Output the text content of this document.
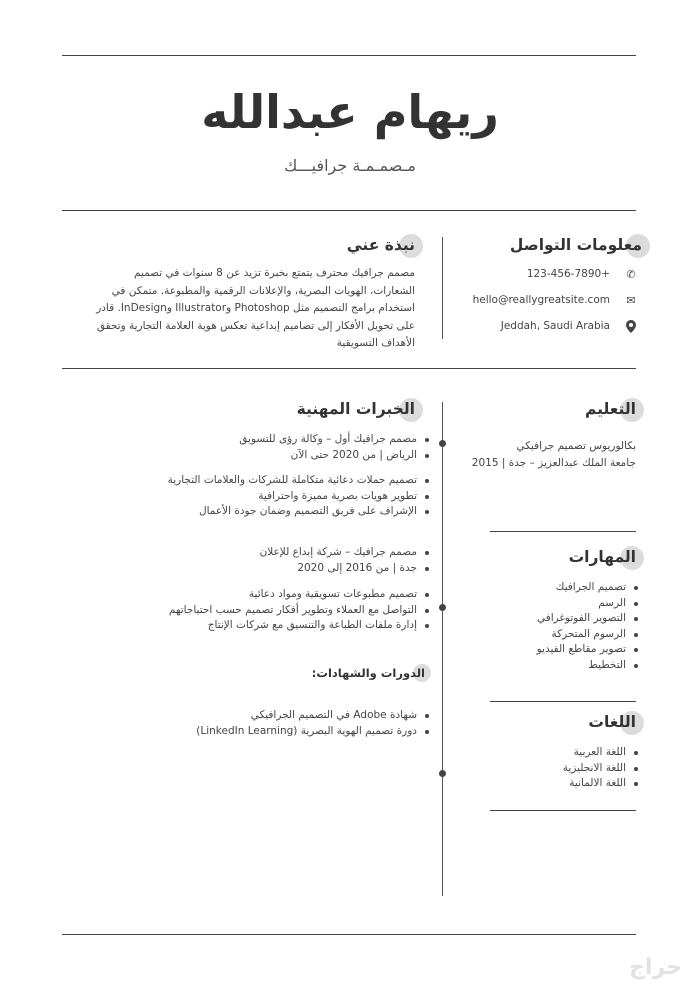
ريهام عبدالله
مـصمـمـة جرافيـــك
معلومات التواصل
✆
123-456-7890+
✉
hello@reallygreatsite.com
Jeddah, Saudi Arabia
نبذة عني
مصمم جرافيك محترف يتمتع بخبرة تزيد عن 8 سنوات في تصميم الشعارات، الهويات البصرية، والإعلانات الرقمية والمطبوعة. متمكن في استخدام برامج التصميم مثل Photoshop وIllustrator وInDesign. قادر على تحويل الأفكار إلى تصاميم إبداعية تعكس هوية العلامة التجارية وتحقق الأهداف التسويقية
التعليم
بكالوريوس تصميم جرافيكي
جامعة الملك عبدالعزيز – جدة | 2015
المهارات
تصميم الجرافيك
الرسم
التصوير الفوتوغرافي
الرسوم المتحركة
تصوير مقاطع الفيديو
التخطيط
اللغات
اللغة العربية
اللغة الانجليزية
اللغة الالمانية
الخبرات المهنية
مصمم جرافيك أول – وكالة رؤى للتسويق
الرياض | من 2020 حتى الآن
تصميم حملات دعائية متكاملة للشركات والعلامات التجارية
تطوير هويات بصرية مميزة واحترافية
الإشراف على فريق التصميم وضمان جودة الأعمال
مصمم جرافيك – شركة إبداع للإعلان
جدة | من 2016 إلى 2020
تصميم مطبوعات تسويقية ومواد دعائية
التواصل مع العملاء وتطوير أفكار تصميم حسب احتياجاتهم
إدارة ملفات الطباعة والتنسيق مع شركات الإنتاج
الدورات والشهادات:
شهادة Adobe في التصميم الجرافيكي
دورة تصميم الهوية البصرية (LinkedIn Learning)
حراج
